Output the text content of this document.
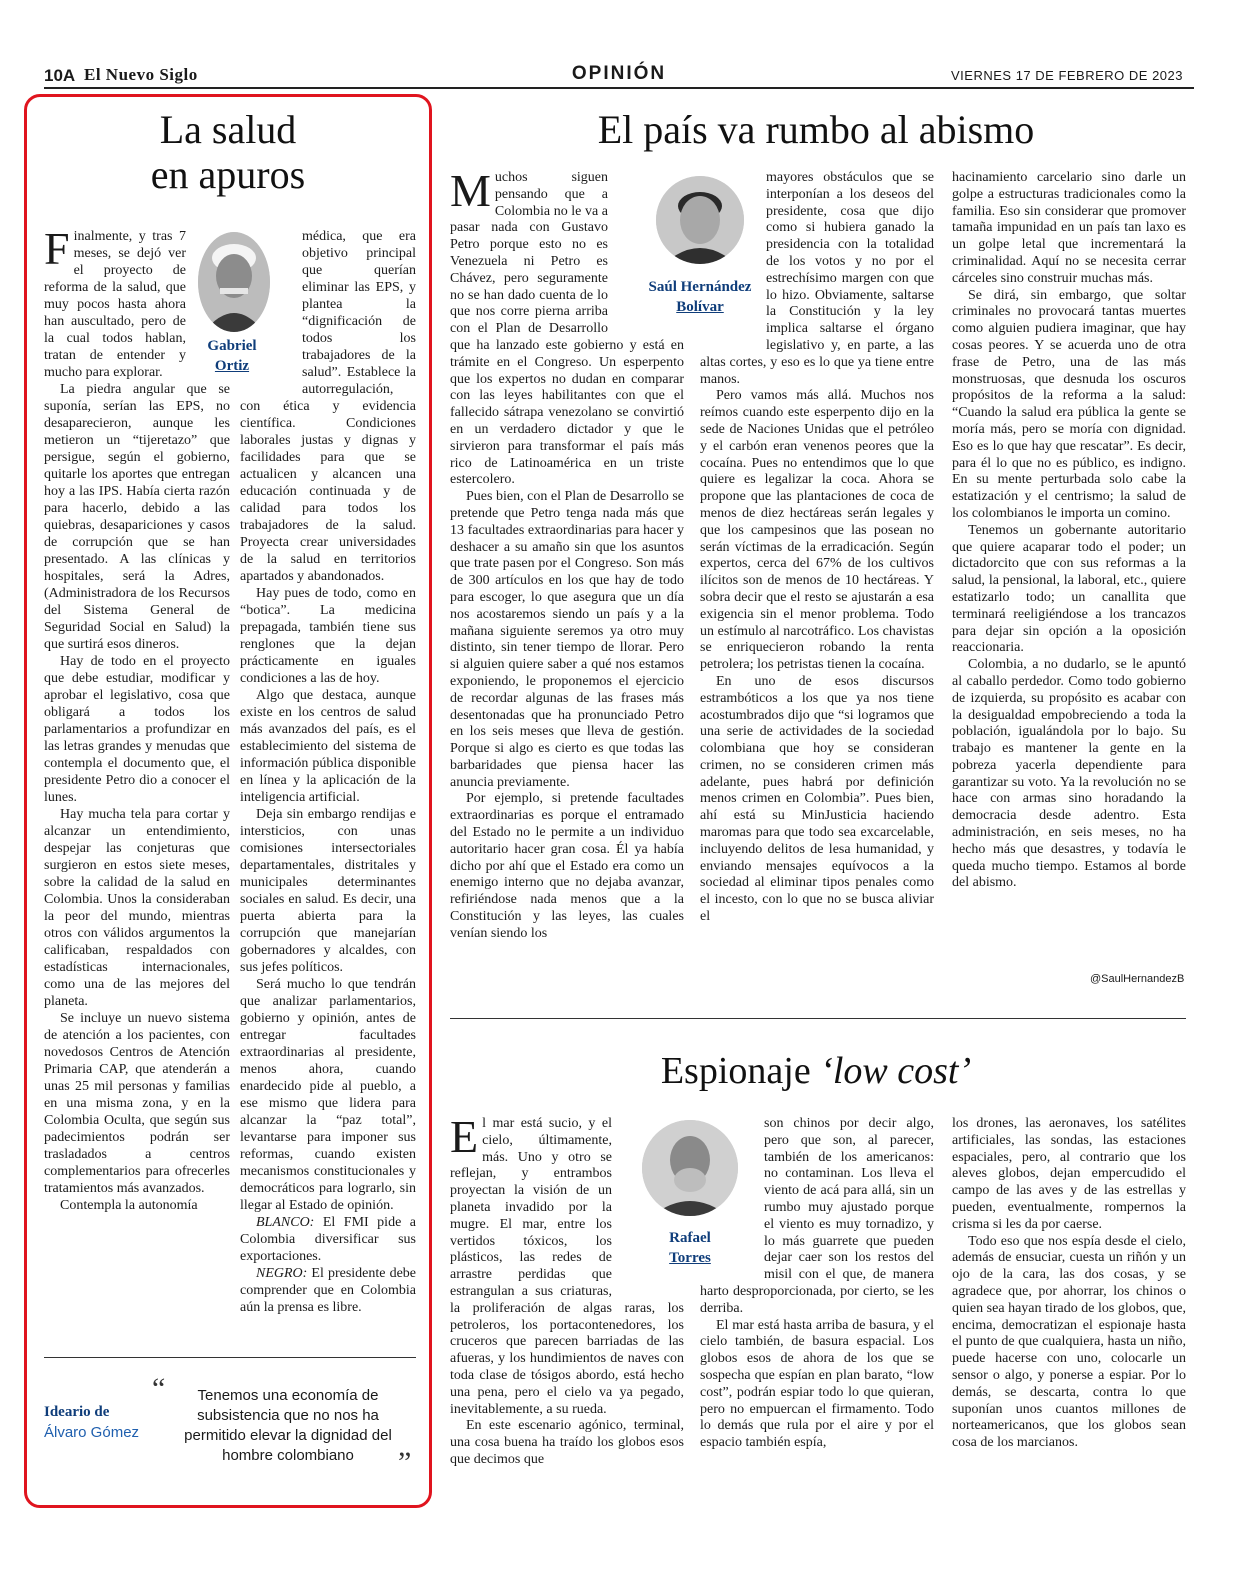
10A El Nuevo Siglo	OPINIÓN	VIERNES 17 DE FEBRERO DE 2023
La salud
en apuros
Gabriel
Ortiz

Finalmente, y tras 7 meses, se dejó ver el proyecto de reforma de la salud, que muy pocos hasta ahora han auscultado, pero de la cual todos hablan, tratan de entender y mucho para explorar.

La piedra angular que se suponía, serían las EPS, no desaparecieron, aunque les metieron un “tijeretazo” que persigue, según el gobierno, quitarle los aportes que entregan hoy a las IPS. Había cierta razón para hacerlo, debido a las quiebras, desapariciones y casos de corrupción que se han presentado. A las clínicas y hospitales, será la Adres, (Administradora de los Recursos del Sistema General de Seguridad Social en Salud) la que surtirá esos dineros.

Hay de todo en el proyecto que debe estudiar, modificar y aprobar el legislativo, cosa que obligará a todos los parlamentarios a profundizar en las letras grandes y menudas que contempla el documento que, el presidente Petro dio a conocer el lunes.

Hay mucha tela para cortar y alcanzar un entendimiento, despejar las conjeturas que surgieron en estos siete meses, sobre la calidad de la salud en Colombia. Unos la consideraban la peor del mundo, mientras otros con válidos argumentos la calificaban, respaldados con estadísticas internacionales, como una de las mejores del planeta.

Se incluye un nuevo sistema de atención a los pacientes, con novedosos Centros de Atención Primaria CAP, que atenderán a unas 25 mil personas y familias en una misma zona, y en la Colombia Oculta, que según sus padecimientos podrán ser trasladados a centros complementarios para ofrecerles tratamientos más avanzados.

Contempla la autonomía

médica, que era objetivo principal que querían eliminar las EPS, y plantea la “dignificación de todos los trabajadores de la salud”. Establece la autorregulación, con ética y evidencia científica. Condiciones laborales justas y dignas y facilidades para que se actualicen y alcancen una educación continuada y de calidad para todos los trabajadores de la salud. Proyecta crear universidades de la salud en territorios apartados y abandonados.

Hay pues de todo, como en “botica”. La medicina prepagada, también tiene sus renglones que la dejan prácticamente en iguales condiciones a las de hoy.

Algo que destaca, aunque existe en los centros de salud más avanzados del país, es el establecimiento del sistema de información pública disponible en línea y la aplicación de la inteligencia artificial.

Deja sin embargo rendijas e intersticios, con unas comisiones intersectoriales departamentales, distritales y municipales determinantes sociales en salud. Es decir, una puerta abierta para la corrupción que manejarían gobernadores y alcaldes, con sus jefes políticos.

Será mucho lo que tendrán que analizar parlamentarios, gobierno y opinión, antes de entregar facultades extraordinarias al presidente, menos ahora, cuando enardecido pide al pueblo, a ese mismo que lidera para alcanzar la “paz total”, levantarse para imponer sus reformas, cuando existen mecanismos constitucionales y democráticos para lograrlo, sin llegar al Estado de opinión.

BLANCO: El FMI pide a Colombia diversificar sus exportaciones.

NEGRO: El presidente debe comprender que en Colombia aún la prensa es libre.

Ideario de
Álvaro Gómez
“	Tenemos una economía de subsistencia que no nos ha permitido elevar la dignidad del hombre colombiano	”
El país va rumbo al abismo
Saúl Hernández
Bolívar

Muchos siguen pensando que a Colombia no le va a pasar nada con Gustavo Petro porque esto no es Venezuela ni Petro es Chávez, pero seguramente no se han dado cuenta de lo que nos corre pierna arriba con el Plan de Desarrollo que ha lanzado este gobierno y está en trámite en el Congreso. Un esperpento que los expertos no dudan en comparar con las leyes habilitantes con que el fallecido sátrapa venezolano se convirtió en un verdadero dictador y que le sirvieron para transformar el país más rico de Latinoamérica en un triste estercolero.

Pues bien, con el Plan de Desarrollo se pretende que Petro tenga nada más que 13 facultades extraordinarias para hacer y deshacer a su amaño sin que los asuntos que trate pasen por el Congreso. Son más de 300 artículos en los que hay de todo para escoger, lo que asegura que un día nos acostaremos siendo un país y a la mañana siguiente seremos ya otro muy distinto, sin tener tiempo de llorar. Pero si alguien quiere saber a qué nos estamos exponiendo, le proponemos el ejercicio de recordar algunas de las frases más desentonadas que ha pronunciado Petro en los seis meses que lleva de gestión. Porque si algo es cierto es que todas las barbaridades que piensa hacer las anuncia previamente.

Por ejemplo, si pretende facultades extraordinarias es porque el entramado del Estado no le permite a un individuo autoritario hacer gran cosa. Él ya había dicho por ahí que el Estado era como un enemigo interno que no dejaba avanzar, refiriéndose nada menos que a la Constitución y las leyes, las cuales venían siendo los

mayores obstáculos que se interponían a los deseos del presidente, cosa que dijo como si hubiera ganado la presidencia con la totalidad de los votos y no por el estrechísimo margen con que lo hizo. Obviamente, saltarse la Constitución y la ley implica saltarse el órgano legislativo y, en parte, a las altas cortes, y eso es lo que ya tiene entre manos.

Pero vamos más allá. Muchos nos reímos cuando este esperpento dijo en la sede de Naciones Unidas que el petróleo y el carbón eran venenos peores que la cocaína. Pues no entendimos que lo que quiere es legalizar la coca. Ahora se propone que las plantaciones de coca de menos de diez hectáreas serán legales y que los campesinos que las posean no serán víctimas de la erradicación. Según expertos, cerca del 67% de los cultivos ilícitos son de menos de 10 hectáreas. Y sobra decir que el resto se ajustarán a esa exigencia sin el menor problema. Todo un estímulo al narcotráfico. Los chavistas se enriquecieron robando la renta petrolera; los petristas tienen la cocaína.

En uno de esos discursos estrambóticos a los que ya nos tiene acostumbrados dijo que “si logramos que una serie de actividades de la sociedad colombiana que hoy se consideran crimen, no se consideren crimen más adelante, pues habrá por definición menos crimen en Colombia”. Pues bien, ahí está su MinJusticia haciendo maromas para que todo sea excarcelable, incluyendo delitos de lesa humanidad, y enviando mensajes equívocos a la sociedad al eliminar tipos penales como el incesto, con lo que no se busca aliviar el

hacinamiento carcelario sino darle un golpe a estructuras tradicionales como la familia. Eso sin considerar que promover tamaña impunidad en un país tan laxo es un golpe letal que incrementará la criminalidad. Aquí no se necesita cerrar cárceles sino construir muchas más.

Se dirá, sin embargo, que soltar criminales no provocará tantas muertes como alguien pudiera imaginar, que hay cosas peores. Y se acuerda uno de otra frase de Petro, una de las más monstruosas, que desnuda los oscuros propósitos de la reforma a la salud: “Cuando la salud era pública la gente se moría más, pero se moría con dignidad. Eso es lo que hay que rescatar”. Es decir, para él lo que no es público, es indigno. En su mente perturbada solo cabe la estatización y el centrismo; la salud de los colombianos le importa un comino.

Tenemos un gobernante autoritario que quiere acaparar todo el poder; un dictadorcito que con sus reformas a la salud, la pensional, la laboral, etc., quiere estatizarlo todo; un canallita que terminará reeligiéndose a los trancazos para dejar sin opción a la oposición reaccionaria.

Colombia, a no dudarlo, se le apuntó al caballo perdedor. Como todo gobierno de izquierda, su propósito es acabar con la desigualdad empobreciendo a toda la población, igualándola por lo bajo. Su trabajo es mantener la gente en la pobreza yacerla dependiente para garantizar su voto. Ya la revolución no se hace con armas sino horadando la democracia desde adentro. Esta administración, en seis meses, no ha hecho más que desastres, y todavía le queda mucho tiempo. Estamos al borde del abismo.

@SaulHernandezB
Espionaje ‘low cost’
Rafael
Torres

El mar está sucio, y el cielo, últimamente, más. Uno y otro se reflejan, y entrambos proyectan la visión de un planeta invadido por la mugre. El mar, entre los vertidos tóxicos, los plásticos, las redes de arrastre perdidas que estrangulan a sus criaturas, la proliferación de algas raras, los petroleros, los portacontenedores, los cruceros que parecen barriadas de las afueras, y los hundimientos de naves con toda clase de tósigos abordo, está hecho una pena, pero el cielo va ya pegado, inevitablemente, a su rueda.

En este escenario agónico, terminal, una cosa buena ha traído los globos esos que decimos que

son chinos por decir algo, pero que son, al parecer, también de los americanos: no contaminan. Los lleva el viento de acá para allá, sin un rumbo muy ajustado porque el viento es muy tornadizo, y lo más guarrete que pueden dejar caer son los restos del misil con el que, de manera harto desproporcionada, por cierto, se les derriba.

El mar está hasta arriba de basura, y el cielo también, de basura espacial. Los globos esos de ahora de los que se sospecha que espían en plan barato, “low cost”, podrán espiar todo lo que quieran, pero no empuercan el firmamento. Todo lo demás que rula por el aire y por el espacio también espía,

los drones, las aeronaves, los satélites artificiales, las sondas, las estaciones espaciales, pero, al contrario que los aleves globos, dejan empercudido el campo de las aves y de las estrellas y pueden, eventualmente, rompernos la crisma si les da por caerse.

Todo eso que nos espía desde el cielo, además de ensuciar, cuesta un riñón y un ojo de la cara, las dos cosas, y se agradece que, por ahorrar, los chinos o quien sea hayan tirado de los globos, que, encima, democratizan el espionaje hasta el punto de que cualquiera, hasta un niño, puede hacerse con uno, colocarle un sensor o algo, y ponerse a espiar. Por lo demás, se descarta, contra lo que suponían unos cuantos millones de norteamericanos, que los globos sean cosa de los marcianos.
